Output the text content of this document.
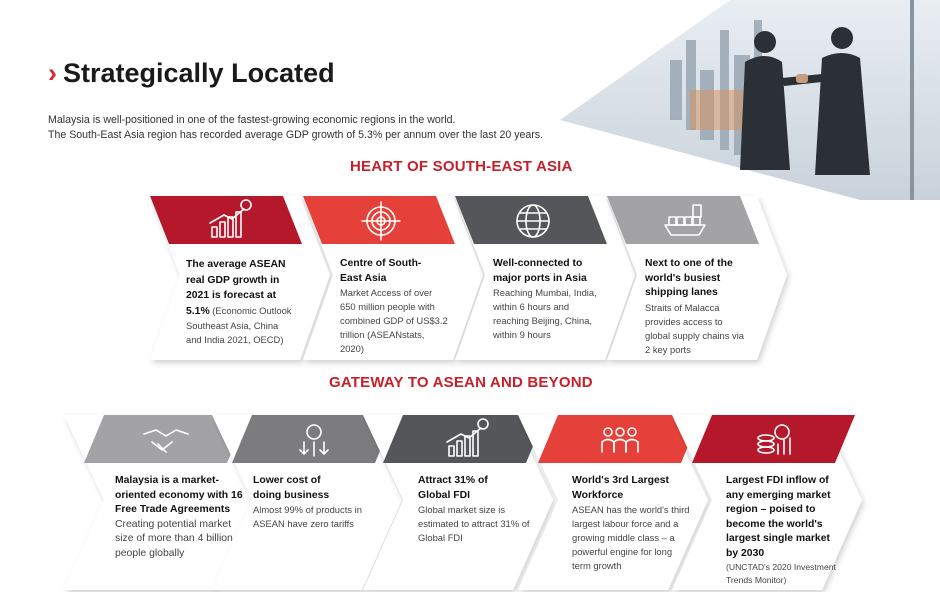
› Strategically Located
Malaysia is well-positioned in one of the fastest-growing economic regions in the world.
The South-East Asia region has recorded average GDP growth of 5.3% per annum over the last 20 years.
HEART OF SOUTH-EAST ASIA
GATEWAY TO ASEAN AND BEYOND
The average ASEAN real GDP growth in 2021 is forecast at 5.1% (Economic Outlook Southeast Asia, China and India 2021, OECD)
Centre of South-East Asia
Market Access of over 650 million people with combined GDP of US$3.2 trillion (ASEANstats, 2020)
Well-connected to major ports in Asia
Reaching Mumbai, India, within 6 hours and reaching Beijing, China, within 9 hours
Next to one of the world's busiest shipping lanes
Straits of Malacca provides access to global supply chains via 2 key ports
Malaysia is a market-oriented economy with 16 Free Trade Agreements
Creating potential market size of more than 4 billion people globally
Lower cost of doing business
Almost 99% of products in ASEAN have zero tariffs
Attract 31% of Global FDI
Global market size is estimated to attract 31% of Global FDI
World's 3rd Largest Workforce
ASEAN has the world's third largest labour force and a growing middle class – a powerful engine for long term growth
Largest FDI inflow of any emerging market region – poised to become the world's largest single market by 2030
(UNCTAD's 2020 Investment Trends Monitor)
